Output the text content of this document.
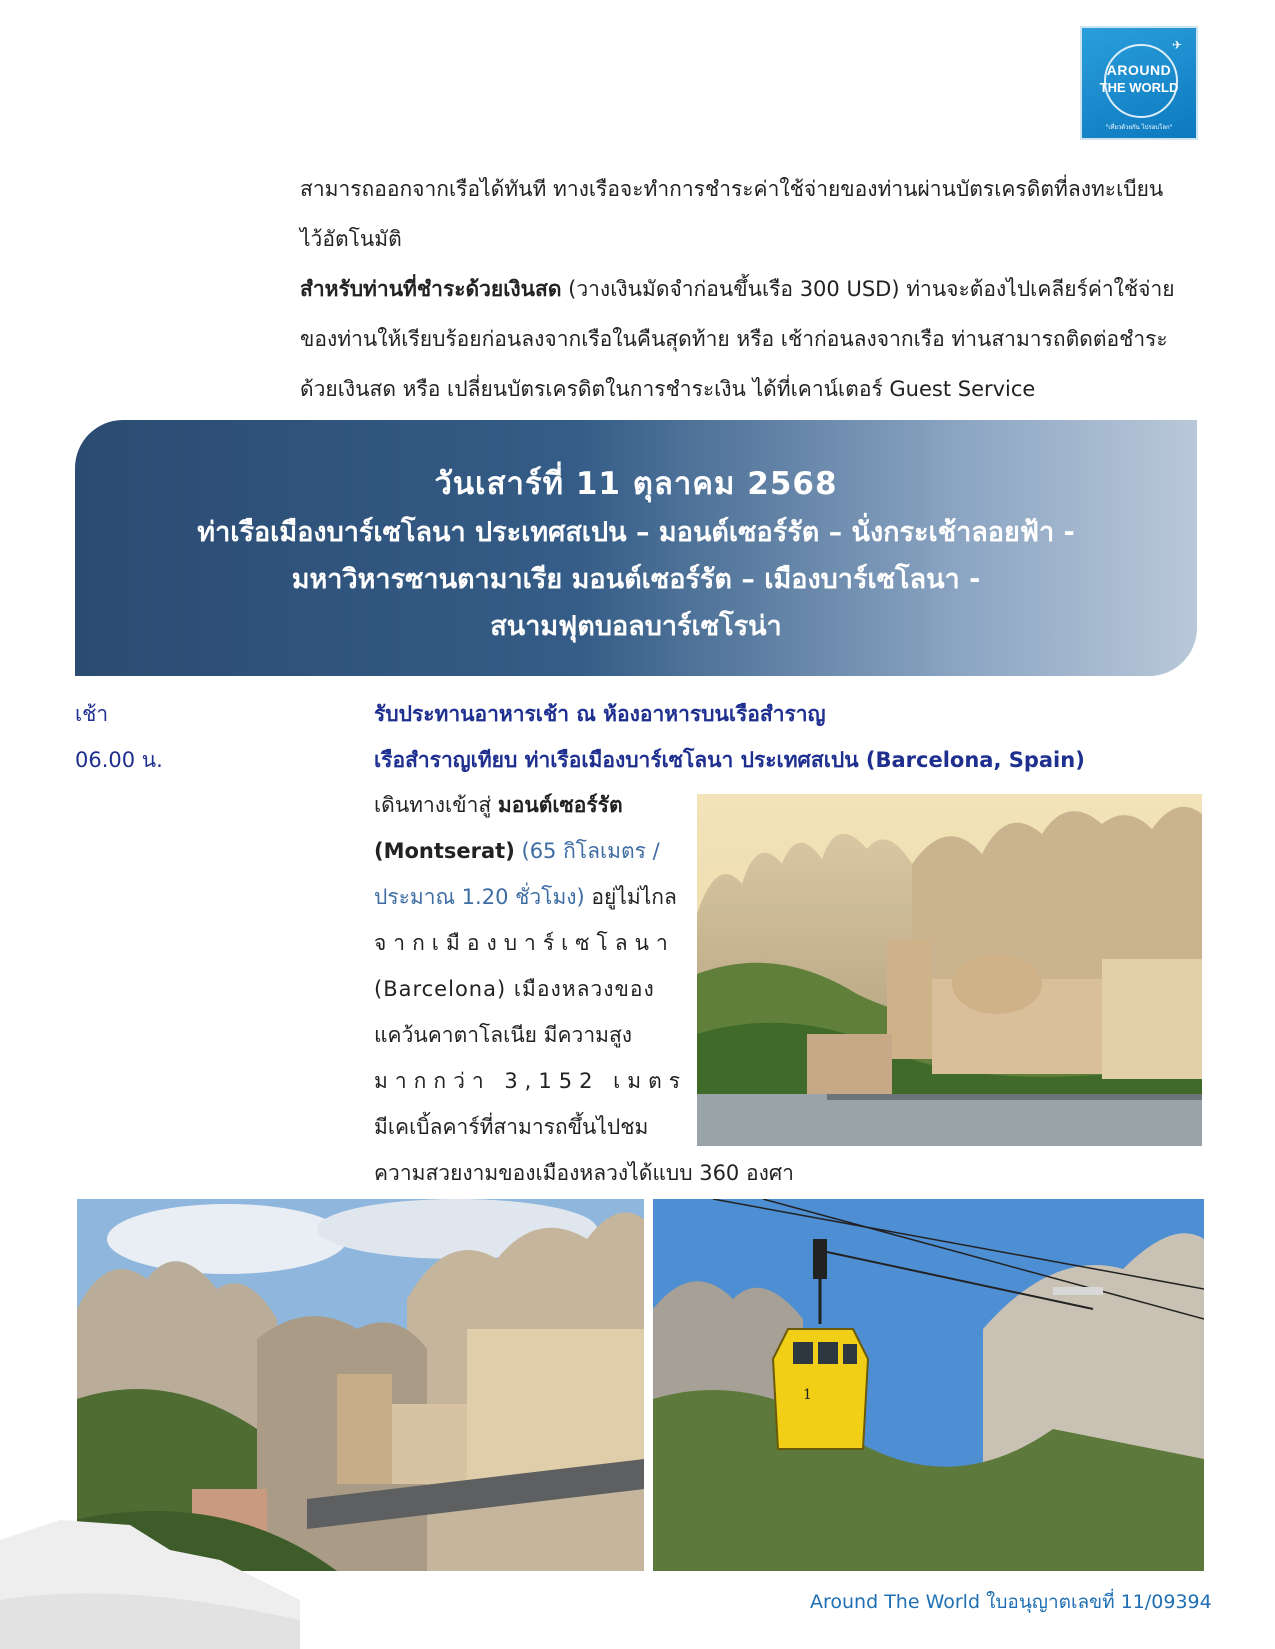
✈
AROUND
THE WORLD
"เที่ยวด้วยกัน ไปรอบโลก"
สามารถออกจากเรือได้ทันที ทางเรือจะทำการชำระค่าใช้จ่ายของท่านผ่านบัตรเครดิตที่ลงทะเบียน
ไว้อัตโนมัติ
สำหรับท่านที่ชำระด้วยเงินสด (วางเงินมัดจำก่อนขึ้นเรือ 300 USD) ท่านจะต้องไปเคลียร์ค่าใช้จ่าย
ของท่านให้เรียบร้อยก่อนลงจากเรือในคืนสุดท้าย หรือ เช้าก่อนลงจากเรือ ท่านสามารถติดต่อชำระ
ด้วยเงินสด หรือ เปลี่ยนบัตรเครดิตในการชำระเงิน ได้ที่เคาน์เตอร์ Guest Service
วันเสาร์ที่ 11 ตุลาคม 2568
ท่าเรือเมืองบาร์เซโลนา ประเทศสเปน – มอนต์เซอร์รัต – นั่งกระเช้าลอยฟ้า -
มหาวิหารซานตามาเรีย มอนต์เซอร์รัต – เมืองบาร์เซโลนา -
สนามฟุตบอลบาร์เซโรน่า
เช้า	รับประทานอาหารเช้า ณ ห้องอาหารบนเรือสำราญ
06.00 น.	เรือสำราญเทียบ ท่าเรือเมืองบาร์เซโลนา ประเทศสเปน (Barcelona, Spain)
เดินทางเข้าสู่ มอนต์เซอร์รัต
(Montserat) (65 กิโลเมตร /
ประมาณ 1.20 ชั่วโมง) อยู่ไม่ไกล
จากเมืองบาร์เซโลนา
(Barcelona) เมืองหลวงของ
แคว้นคาตาโลเนีย มีความสูง
มากกว่า 3,152 เมตร
มีเคเบิ้ลคาร์ที่สามารถขึ้นไปชม
ความสวยงามของเมืองหลวงได้แบบ 360 องศา
1
Around The World ใบอนุญาตเลขที่ 11/09394
